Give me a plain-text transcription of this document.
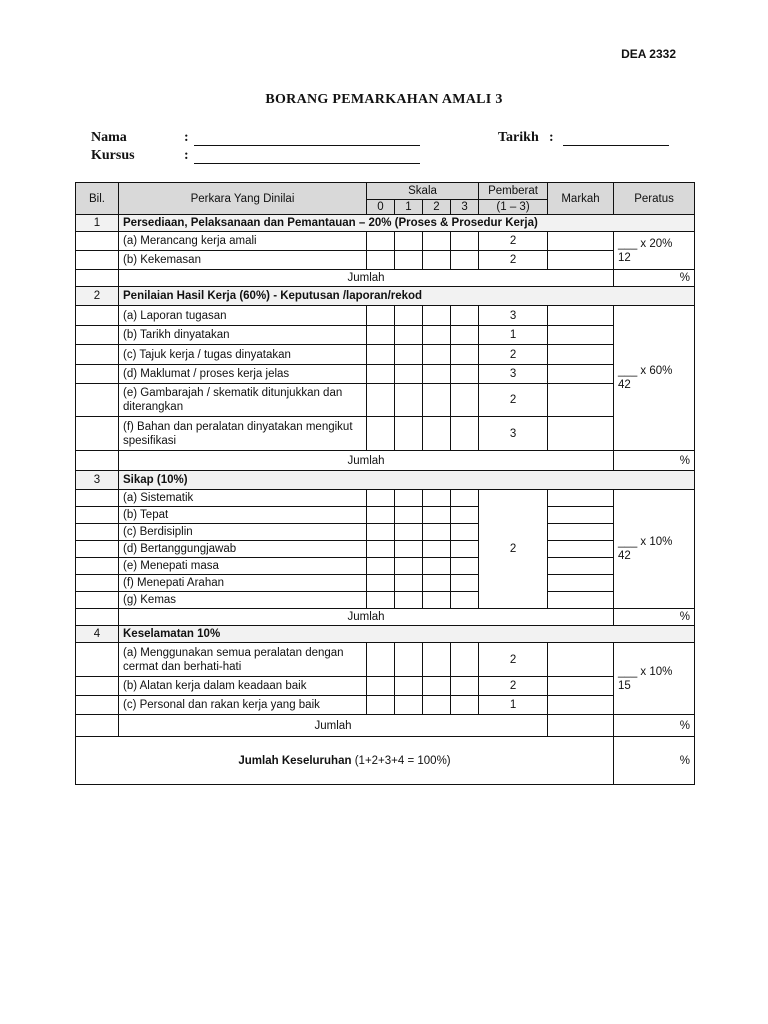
DEA 2332
BORANG PEMARKAHAN AMALI 3
Nama	:
Kursus	:
Tarikh :
Bil.	Perkara Yang Dinilai	Skala				Pemberat	Markah	Peratus
		0	1	2	3	(1 – 3)		
1	Persediaan, Pelaksanaan dan Pemantauan – 20% (Proses & Prosedur Kerja)							
	(a) Merancang kerja amali					2		___ x 20%
12

	(b) Kekemasan					2		
	Jumlah							%
2	Penilaian Hasil Kerja (60%) - Keputusan /laporan/rekod							
	(a) Laporan tugasan					3		___ x 60%
42

	(b) Tarikh dinyatakan					1		
	(c) Tajuk kerja / tugas dinyatakan					2		
	(d) Maklumat / proses kerja jelas					3		
	(e) Gambarajah / skematik ditunjukkan dan diterangkan					2		
	(f) Bahan dan peralatan dinyatakan mengikut spesifikasi					3		
	Jumlah							%
3	Sikap (10%)							
	(a) Sistematik					2		___ x 10%
42

	(b) Tepat							
	(c) Berdisiplin							
	(d) Bertanggungjawab							
	(e) Menepati masa							
	(f) Menepati Arahan							
	(g) Kemas							
	Jumlah							%
4	Keselamatan 10%							
	(a) Menggunakan semua peralatan dengan cermat dan berhati-hati					2		___ x 10%
15

	(b) Alatan kerja dalam keadaan baik					2		
	(c) Personal dan rakan kerja yang baik					1		
	Jumlah							%
Jumlah Keseluruhan (1+2+3+4 = 100%)								%
